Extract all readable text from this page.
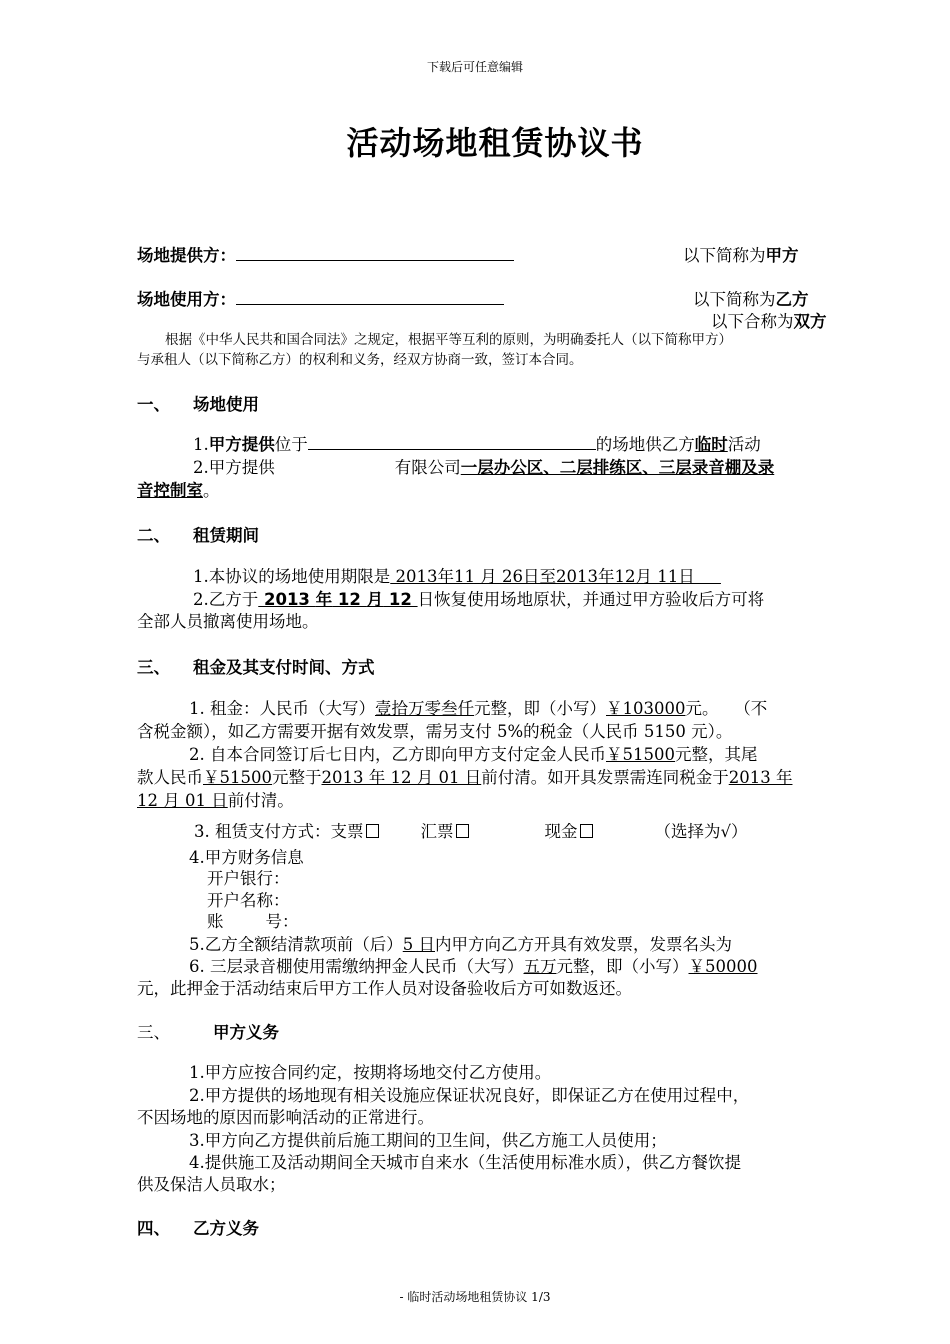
下载后可任意编辑
活动场地租赁协议书
场地提供方：	以下简称为甲方
场地使用方：	以下简称为乙方
以下合称为双方
根据《中华人民共和国合同法》之规定，根据平等互利的原则，为明确委托人（以下简称甲方）
与承租人（以下简称乙方）的权利和义务，经双方协商一致，签订本合同。
一、 场地使用
1.甲方提供位于	的场地供乙方临时活动
2.甲方提供	有限公司一层办公区、二层排练区、三层录音棚及录
音控制室。
二、 租赁期间
1.本协议的场地使用期限是 2013年11 月 26日至2013年12月 11日
2.乙方于 2013 年 12 月 12 日恢复使用场地原状，并通过甲方验收后方可将
全部人员撤离使用场地。
三、 租金及其支付时间、方式
1. 租金：人民币（大写）壹拾万零叁仟元整，即（小写）￥103000元。   （不
含税金额），如乙方需要开据有效发票，需另支付 5%的税金（人民币 5150 元）。
2. 自本合同签订后七日内，乙方即向甲方支付定金人民币￥51500元整，其尾
款人民币￥51500元整于2013 年 12 月 01 日前付清。如开具发票需连同税金于2013 年
12 月 01 日前付清。
3. 租赁支付方式：支票	汇票	现金	（选择为√）
4.甲方财务信息
开户银行：
开户名称：
账        号：
5.乙方全额结清款项前（后）5 日内甲方向乙方开具有效发票，发票名头为
6. 三层录音棚使用需缴纳押金人民币（大写）五万元整，即（小写）￥50000
元，此押金于活动结束后甲方工作人员对设备验收后方可如数返还。
三、	甲方义务
1.甲方应按合同约定，按期将场地交付乙方使用。
2.甲方提供的场地现有相关设施应保证状况良好，即保证乙方在使用过程中，
不因场地的原因而影响活动的正常进行。
3.甲方向乙方提供前后施工期间的卫生间，供乙方施工人员使用；
4.提供施工及活动期间全天城市自来水（生活使用标准水质），供乙方餐饮提
供及保洁人员取水；
四、 乙方义务
- 临时活动场地租赁协议 1/3
